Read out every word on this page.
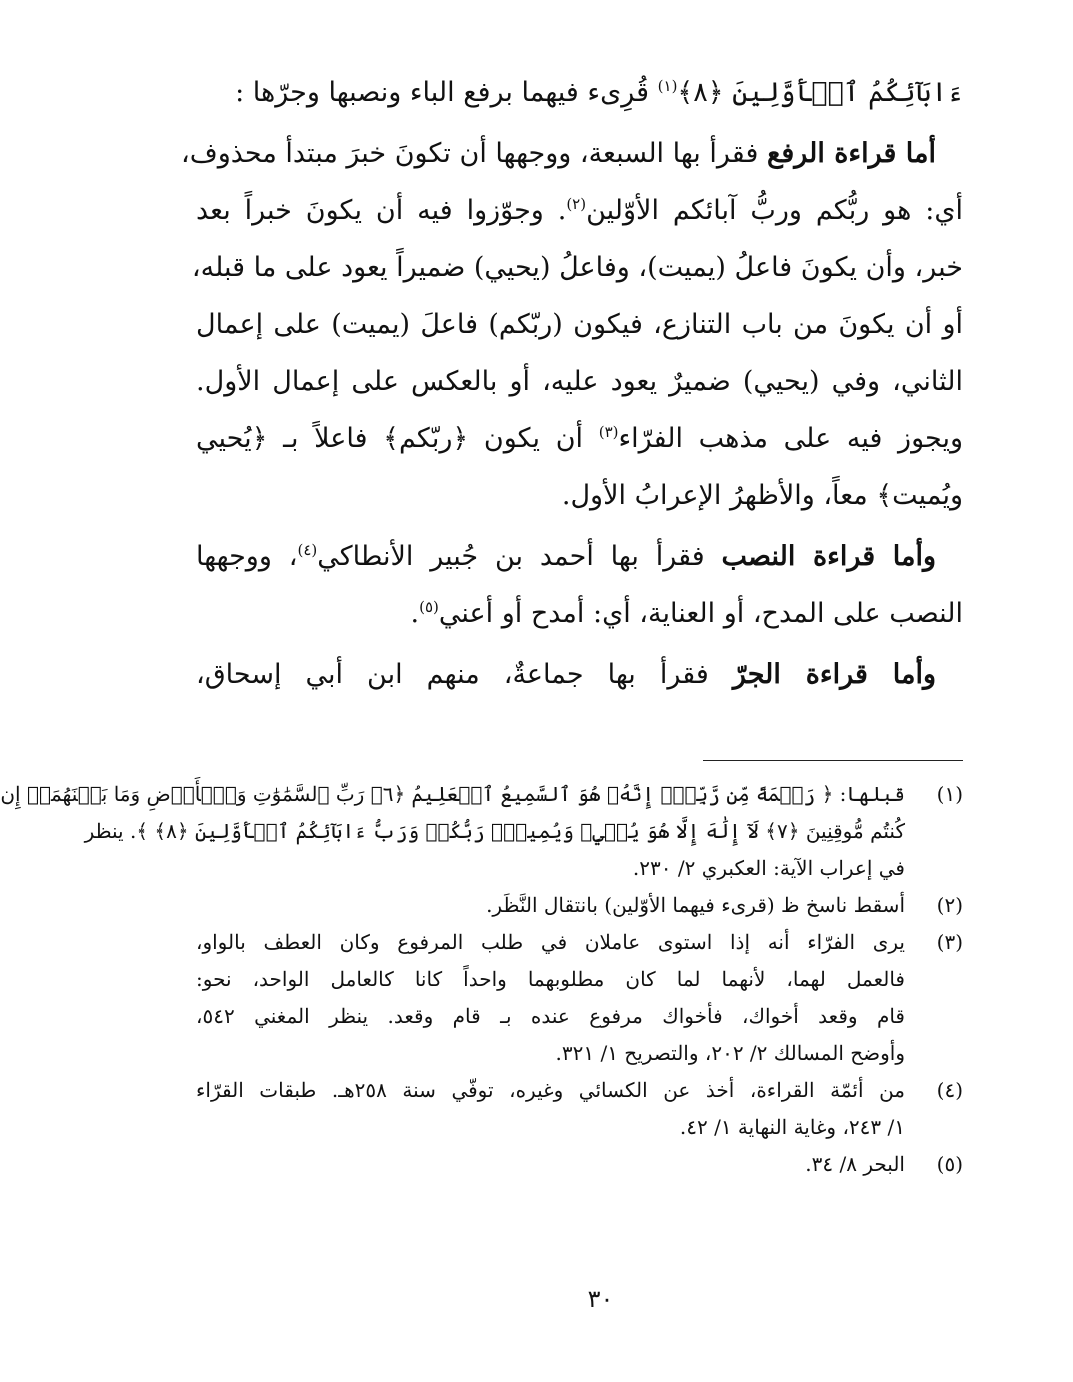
ءَابَآئِكُمُ ٱلۡأَوَّلِينَ ﴿٨﴾$^{(١)}$ قُرِىء فيهما برفع الباء ونصبها وجرّها :
 أما قراءة الرفع فقرأ بها السبعة، ووجهها أن تكونَ خبرَ مبتدأ محذوف،
أي: هو ربُّكم وربُّ آبائكم الأوّلين$^{(٢)}$. وجوّزوا فيه أن يكونَ خبراً بعد
خبر، وأن يكونَ فاعلُ (يميت)، وفاعلُ (يحيي) ضميراً يعود على ما قبله،
أو أن يكونَ من باب التنازع، فيكون (ربّكم) فاعلَ (يميت) على إعمال
الثاني، وفي (يحيي) ضميرٌ يعود عليه، أو بالعكس على إعمال الأول.
ويجوز فيه على مذهب الفرّاء$^{(٣)}$ أن يكون ﴿ربّكم﴾ فاعلاً بـ ﴿يُحيي
ويُميت﴾ معاً، والأظهرُ الإعرابُ الأول.
 وأما قراءة النصب فقرأ بها أحمد بن جُبير الأنطاكي$^{(٤)}$، ووجهها
النصب على المدح، أو العناية، أي: أمدح أو أعني$^{(٥)}$.
 وأما قراءة الجرّ فقرأ بها جماعةٌ، منهم ابن أبي إسحاق،
(١)
قبلها: ﴿ رَحۡمَةً مِّن رَّبِّكَۚ إِنَّهُۥ هُوَ ٱلسَّمِيعُ ٱلۡعَلِيمُ ﴿٦﴾ رَبِّ ٱلسَّمَٰوَٰتِ وَٱلۡأَرۡضِ وَمَا بَيۡنَهُمَآۖ إِن
كُنتُم مُّوقِنِينَ ﴿٧﴾ لَآ إِلَٰهَ إِلَّا هُوَ يُحۡيِۦ وَيُمِيتُۖ رَبُّكُمۡ وَرَبُّ ءَابَآئِكُمُ ٱلۡأَوَّلِينَ ﴿٨﴾ ﴾. ينظر
في إعراب الآية: العكبري ٢/ ٢٣٠.
(٢)
أسقط ناسخ ظ (قرىء فيهما الأوّلين) بانتقال النَّظَر.
(٣)
يرى الفرّاء أنه إذا استوى عاملان في طلب المرفوع وكان العطف بالواو،
فالعمل لهما، لأنهما لما كان مطلوبهما واحداً كانا كالعامل الواحد، نحو:
قام وقعد أخواك، فأخواك مرفوع عنده بـ قام وقعد. ينظر المغني ٥٤٢،
وأوضح المسالك ٢/ ٢٠٢، والتصريح ١/ ٣٢١.
(٤)
من أئمّة القراءة، أخذ عن الكسائي وغيره، توفّي سنة ٢٥٨هـ. طبقات القرّاء
١/ ٢٤٣، وغاية النهاية ١/ ٤٢.
(٥)
البحر ٨/ ٣٤.
٣٠
